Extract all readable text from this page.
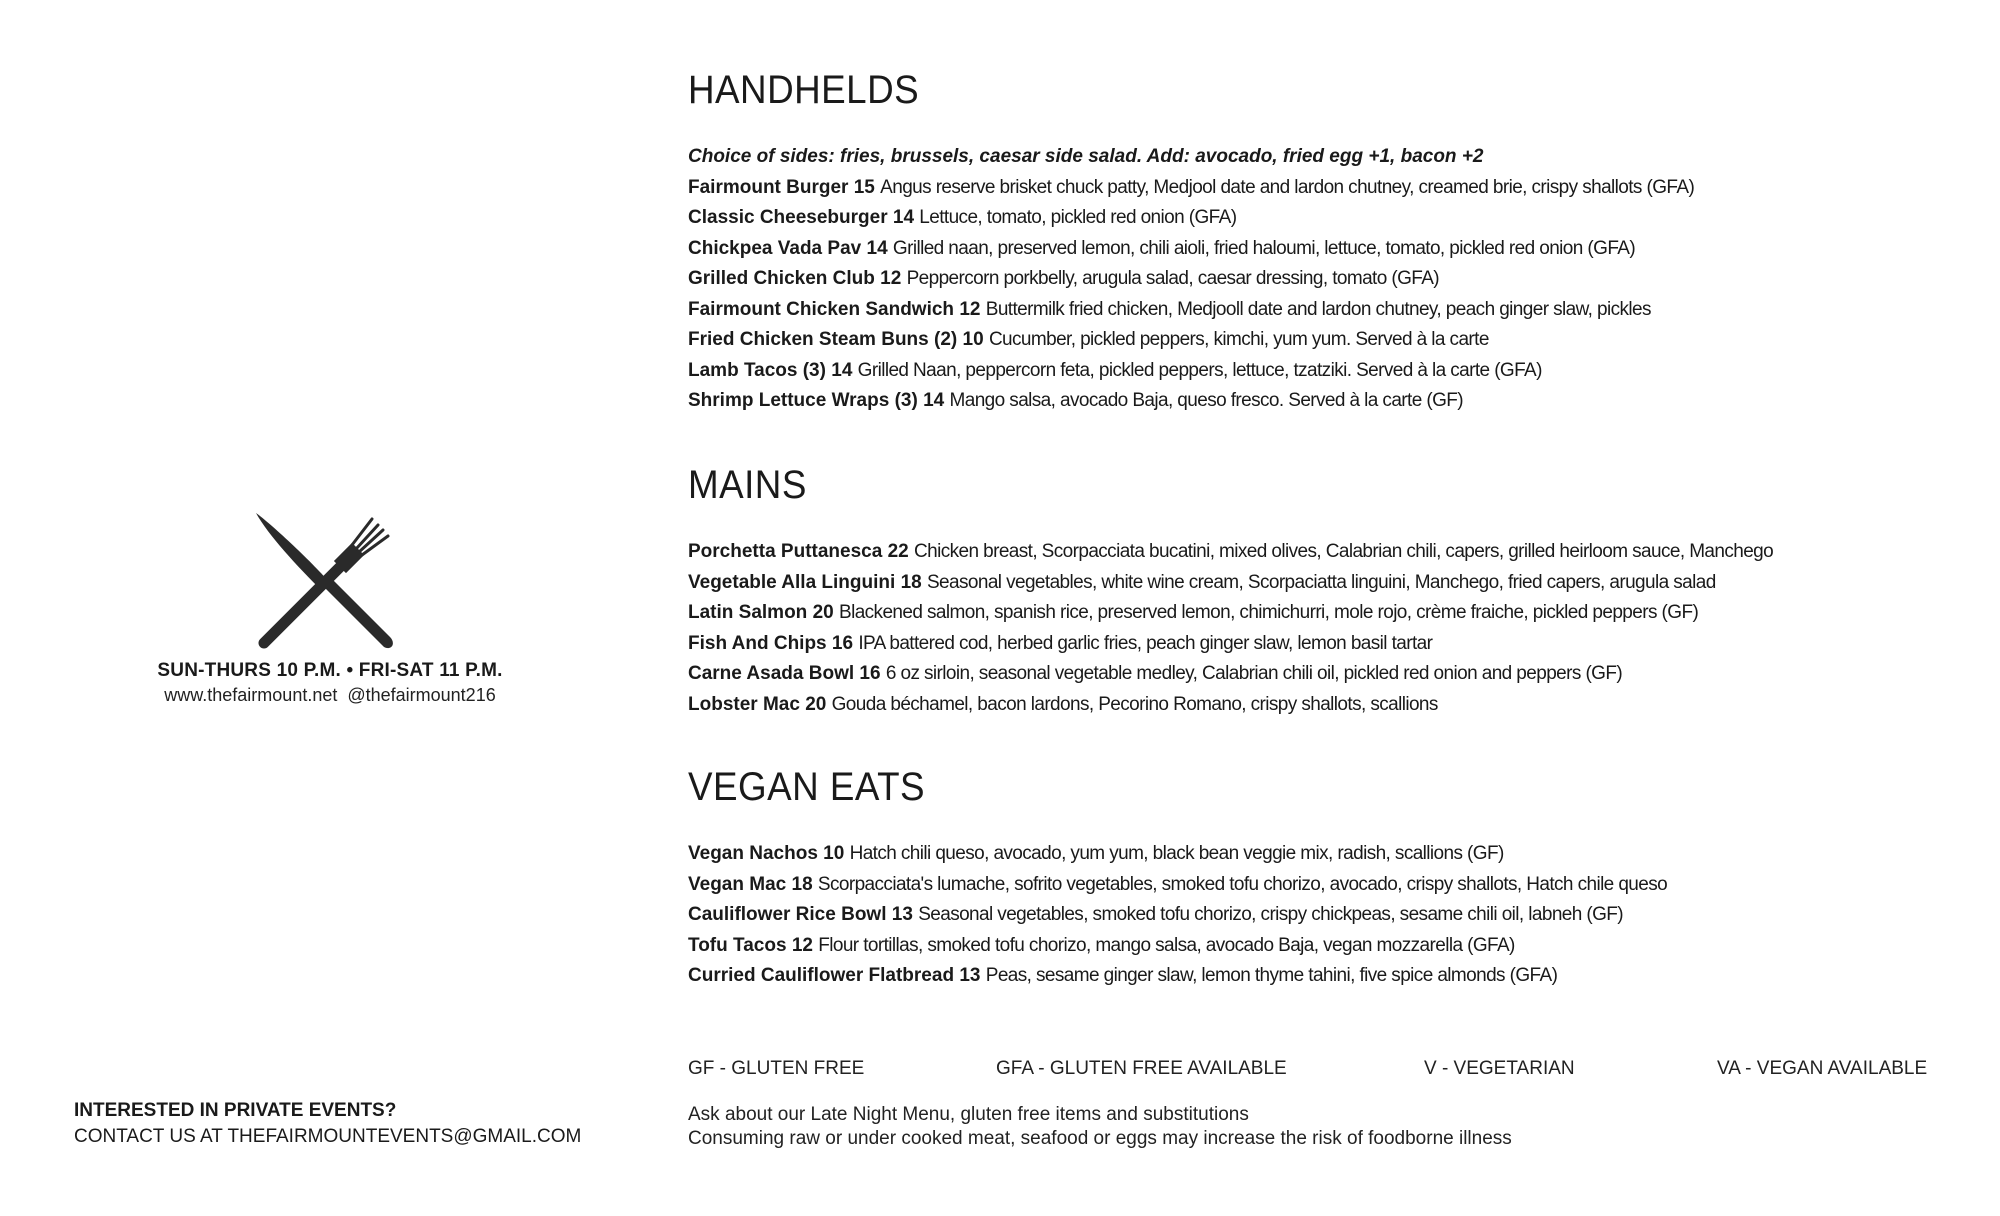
SUN-THURS 10 P.M. • FRI-SAT 11 P.M.
www.thefairmount.net @thefairmount216
INTERESTED IN PRIVATE EVENTS?
CONTACT US AT THEFAIRMOUNTEVENTS@GMAIL.COM
HANDHELDS
Choice of sides: fries, brussels, caesar side salad. Add: avocado, fried egg +1, bacon +2
Fairmount Burger 15 Angus reserve brisket chuck patty, Medjool date and lardon chutney, creamed brie, crispy shallots (GFA)
Classic Cheeseburger 14 Lettuce, tomato, pickled red onion (GFA)
Chickpea Vada Pav 14 Grilled naan, preserved lemon, chili aioli, fried haloumi, lettuce, tomato, pickled red onion (GFA)
Grilled Chicken Club 12 Peppercorn porkbelly, arugula salad, caesar dressing, tomato (GFA)
Fairmount Chicken Sandwich 12 Buttermilk fried chicken, Medjooll date and lardon chutney, peach ginger slaw, pickles
Fried Chicken Steam Buns (2) 10 Cucumber, pickled peppers, kimchi, yum yum. Served à la carte
Lamb Tacos (3) 14 Grilled Naan, peppercorn feta, pickled peppers, lettuce, tzatziki. Served à la carte (GFA)
Shrimp Lettuce Wraps (3) 14 Mango salsa, avocado Baja, queso fresco. Served à la carte (GF)
MAINS
Porchetta Puttanesca 22 Chicken breast, Scorpacciata bucatini, mixed olives, Calabrian chili, capers, grilled heirloom sauce, Manchego
Vegetable Alla Linguini 18 Seasonal vegetables, white wine cream, Scorpaciatta linguini, Manchego, fried capers, arugula salad
Latin Salmon 20 Blackened salmon, spanish rice, preserved lemon, chimichurri, mole rojo, crème fraiche, pickled peppers (GF)
Fish And Chips 16 IPA battered cod, herbed garlic fries, peach ginger slaw, lemon basil tartar
Carne Asada Bowl 16 6 oz sirloin, seasonal vegetable medley, Calabrian chili oil, pickled red onion and peppers (GF)
Lobster Mac 20 Gouda béchamel, bacon lardons, Pecorino Romano, crispy shallots, scallions
VEGAN EATS
Vegan Nachos 10 Hatch chili queso, avocado, yum yum, black bean veggie mix, radish, scallions (GF)
Vegan Mac 18 Scorpacciata's lumache, sofrito vegetables, smoked tofu chorizo, avocado, crispy shallots, Hatch chile queso
Cauliflower Rice Bowl 13 Seasonal vegetables, smoked tofu chorizo, crispy chickpeas, sesame chili oil, labneh (GF)
Tofu Tacos 12 Flour tortillas, smoked tofu chorizo, mango salsa, avocado Baja, vegan mozzarella (GFA)
Curried Cauliflower Flatbread 13 Peas, sesame ginger slaw, lemon thyme tahini, five spice almonds (GFA)
GF - GLUTEN FREE	GFA - GLUTEN FREE AVAILABLE	V - VEGETARIAN	VA - VEGAN AVAILABLE
Ask about our Late Night Menu, gluten free items and substitutions
Consuming raw or under cooked meat, seafood or eggs may increase the risk of foodborne illness
